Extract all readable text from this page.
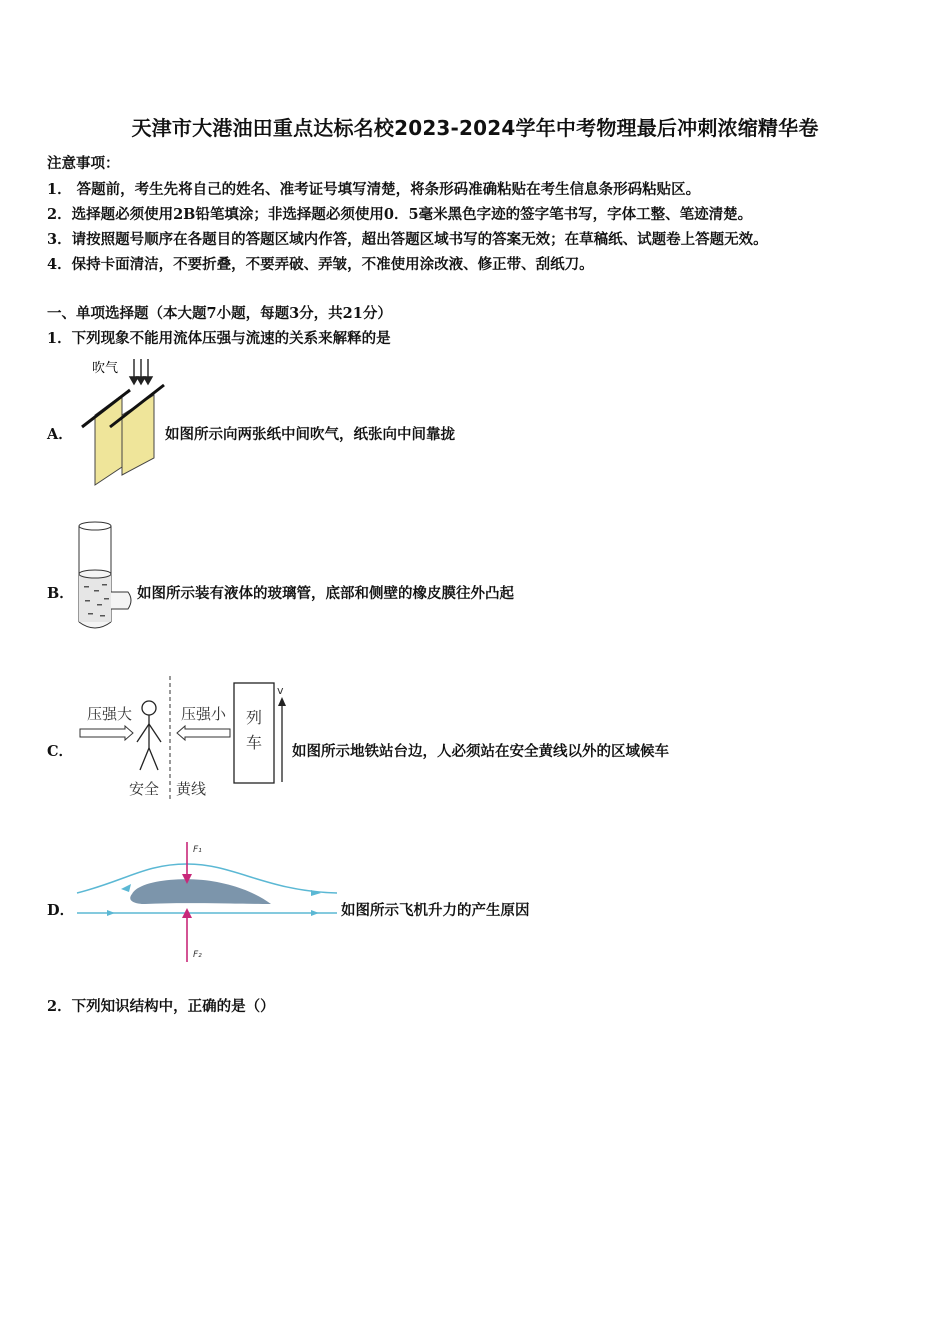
天津市大港油田重点达标名校2023-2024学年中考物理最后冲刺浓缩精华卷
注意事项：
1． 答题前，考生先将自己的姓名、准考证号填写清楚，将条形码准确粘贴在考生信息条形码粘贴区。
2．选择题必须使用2B铅笔填涂；非选择题必须使用0．5毫米黑色字迹的签字笔书写，字体工整、笔迹清楚。
3．请按照题号顺序在各题目的答题区域内作答，超出答题区域书写的答案无效；在草稿纸、试题卷上答题无效。
4．保持卡面清洁，不要折叠，不要弄破、弄皱，不准使用涂改液、修正带、刮纸刀。
一、单项选择题（本大题7小题，每题3分，共21分）
1．下列现象不能用流体压强与流速的关系来解释的是
A．
吹气
如图所示向两张纸中间吹气，纸张向中间靠拢
B．	如图所示装有液体的玻璃管，底部和侧壁的橡皮膜往外凸起
C．
压强大	压强小
安全 黄线
列
车
v
如图所示地铁站台边，人必须站在安全黄线以外的区域候车
D．
F₁
F₂
如图所示飞机升力的产生原因
2．下列知识结构中，正确的是（）
